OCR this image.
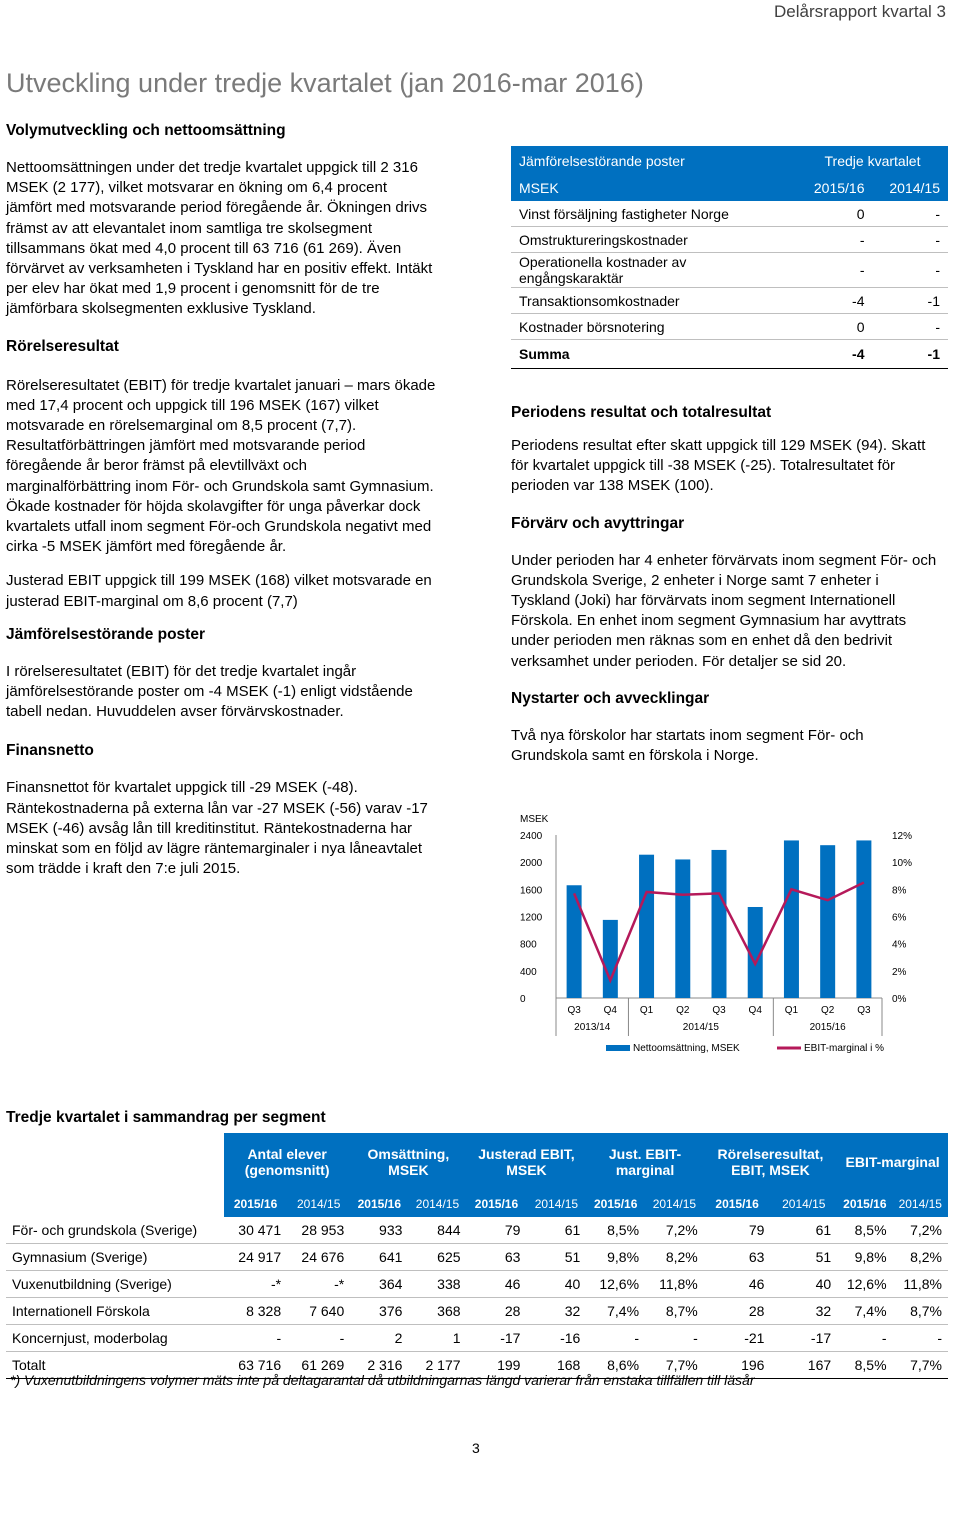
Delårsrapport kvartal 3
Utveckling under tredje kvartalet (jan 2016-mar 2016)

Volymutveckling och nettoomsättning

Nettoomsättningen under det tredje kvartalet uppgick till 2 316 MSEK (2 177), vilket motsvarar en ökning om 6,4 procent jämfört med motsvarande period föregående år. Ökningen drivs främst av att elevantalet inom samtliga tre skolsegment tillsammans ökat med 4,0 procent till 63 716 (61 269). Även förvärvet av verksamheten i Tyskland har en positiv effekt. Intäkt per elev har ökat med 1,9 procent i genomsnitt för de tre jämförbara skolsegmenten exklusive Tyskland.

Rörelseresultat

Rörelseresultatet (EBIT) för tredje kvartalet januari – mars ökade med 17,4 procent och uppgick till 196 MSEK (167) vilket motsvarade en rörelsemarginal om 8,5 procent (7,7). Resultatförbättringen jämfört med motsvarande period föregående år beror främst på elevtillväxt och marginalförbättring inom För- och Grundskola samt Gymnasium. Ökade kostnader för höjda skolavgifter för unga påverkar dock kvartalets utfall inom segment För-och Grundskola negativt med cirka -5 MSEK jämfört med föregående år.

Justerad EBIT uppgick till 199 MSEK (168) vilket motsvarade en justerad EBIT-marginal om 8,6 procent (7,7)

Jämförelsestörande poster

I rörelseresultatet (EBIT) för det tredje kvartalet ingår jämförelsestörande poster om -4 MSEK (-1) enligt vidstående tabell nedan. Huvuddelen avser förvärvskostnader.

Finansnetto

Finansnettot för kvartalet uppgick till -29 MSEK (-48). Räntekostnaderna på externa lån var -27 MSEK (-56) varav -17 MSEK (-46) avsåg lån till kreditinstitut. Räntekostnaderna har minskat som en följd av lägre räntemarginaler i nya låneavtalet som trädde i kraft den 7:e juli 2015.

Jämförelsestörande poster	Tredje kvartalet	
MSEK	2015/16	2014/15
Vinst försäljning fastigheter Norge	0	-
Omstruktureringskostnader	-	-
Operationella kostnader av engångskaraktär	-	-
Transaktionsomkostnader	-4	-1
Kostnader börsnotering	0	-
Summa	-4	-1

Periodens resultat och totalresultat

Periodens resultat efter skatt uppgick till 129 MSEK (94). Skatt för kvartalet uppgick till -38 MSEK (-25). Totalresultatet för perioden var 138 MSEK (100).

Förvärv och avyttringar

Under perioden har 4 enheter förvärvats inom segment För- och Grundskola Sverige, 2 enheter i Norge samt 7 enheter i Tyskland (Joki) har förvärvats inom segment Internationell Förskola. En enhet inom segment Gymnasium har avyttrats under perioden men räknas som en enhet då den bedrivit verksamhet under perioden. För detaljer se sid 20.

Nystarter och avvecklingar

Två nya förskolor har startats inom segment För- och Grundskola samt en förskola i Norge.

MSEK
0
400
800
1200
1600
2000
2400
0%
2%
4%
6%
8%
10%
12%
Q3 Q4 Q1 Q2 Q3 Q4 Q1 Q2 Q3
2013/14	2014/15	2015/16
Nettoomsättning, MSEK	EBIT-marginal i %

Tredje kvartalet i sammandrag per segment

	Antal elever (genomsnitt)		Omsättning, MSEK		Justerad EBIT, MSEK		Just. EBIT-marginal		Rörelseresultat, EBIT, MSEK		EBIT-marginal	
	2015/16	2014/15	2015/16	2014/15	2015/16	2014/15	2015/16	2014/15	2015/16	2014/15	2015/16	2014/15
För- och grundskola (Sverige)	30 471	28 953	933	844	79	61	8,5%	7,2%	79	61	8,5%	7,2%
Gymnasium (Sverige)	24 917	24 676	641	625	63	51	9,8%	8,2%	63	51	9,8%	8,2%
Vuxenutbildning (Sverige)	-*	-*	364	338	46	40	12,6%	11,8%	46	40	12,6%	11,8%
Internationell Förskola	8 328	7 640	376	368	28	32	7,4%	8,7%	28	32	7,4%	8,7%
Koncernjust, moderbolag	-	-	2	1	-17	-16	-	-	-21	-17	-	-
Totalt	63 716	61 269	2 316	2 177	199	168	8,6%	7,7%	196	167	8,5%	7,7%
*) Vuxenutbildningens volymer mäts inte på deltagarantal då utbildningarnas längd varierar från enstaka tillfällen till läsår
3
